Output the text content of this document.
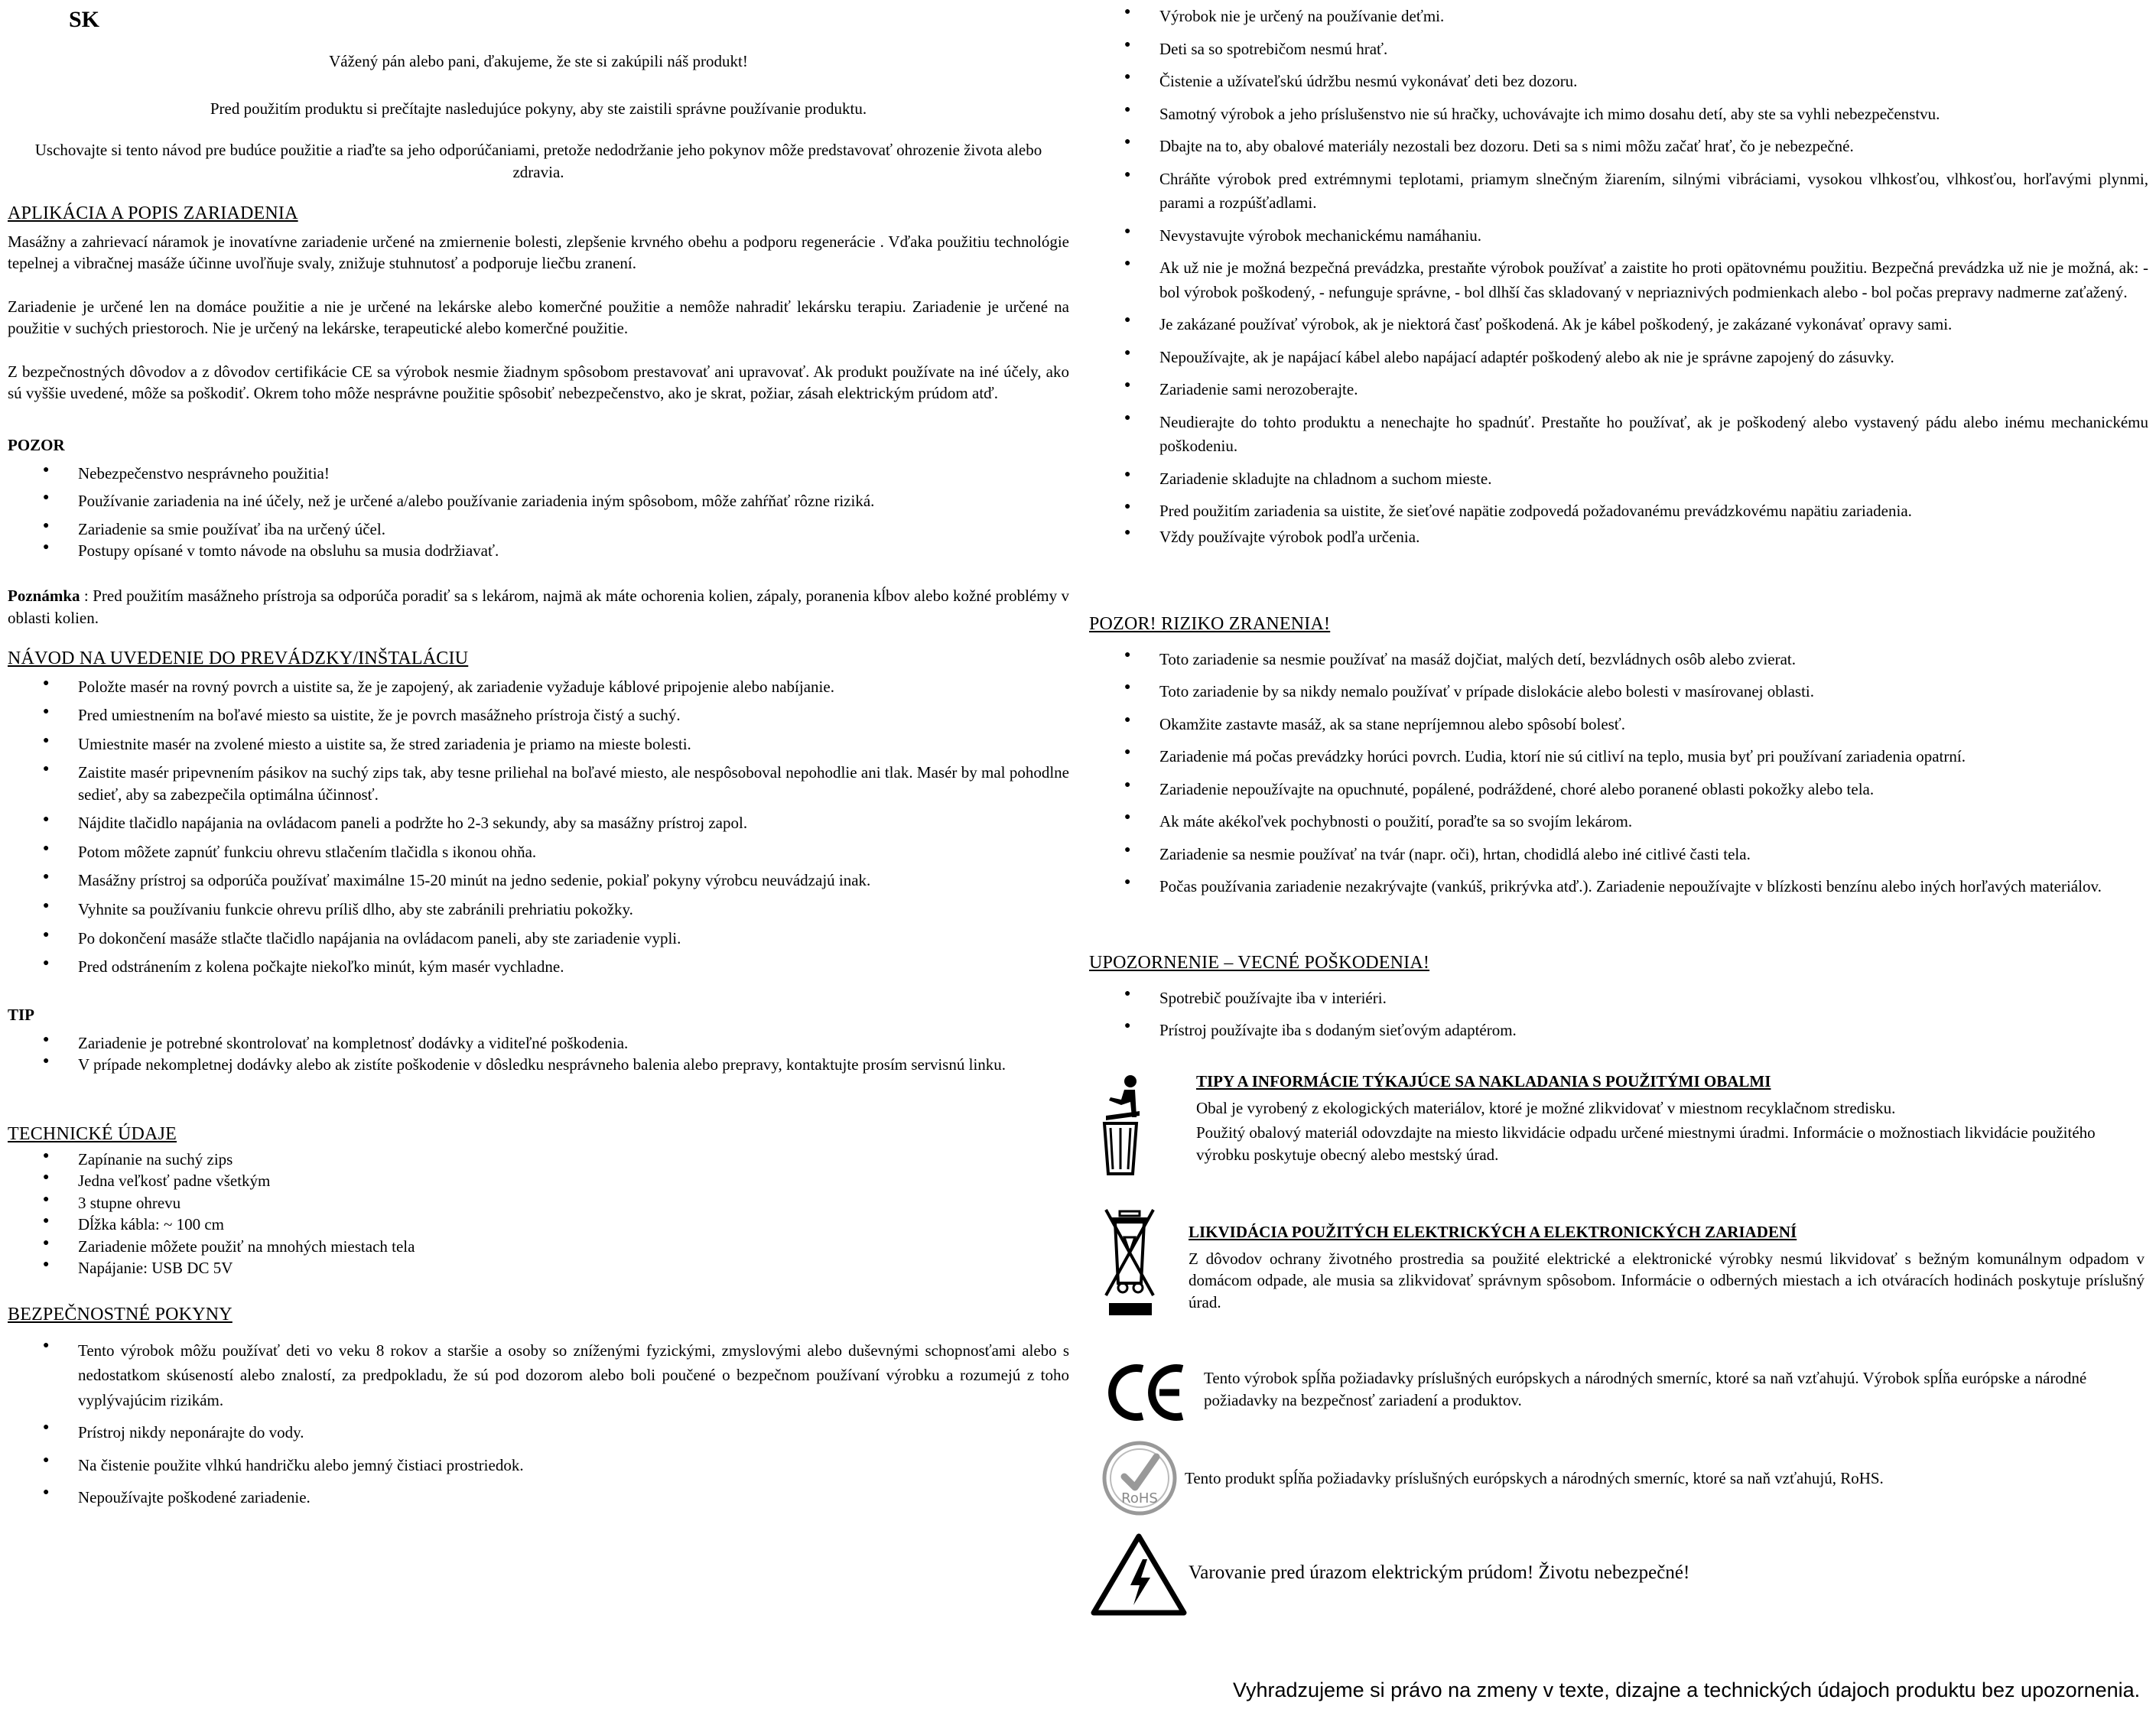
SK

Vážený pán alebo pani, ďakujeme, že ste si zakúpili náš produkt!

Pred použitím produktu si prečítajte nasledujúce pokyny, aby ste zaistili správne používanie produktu.

Uschovajte si tento návod pre budúce použitie a riaďte sa jeho odporúčaniami, pretože nedodržanie jeho pokynov môže predstavovať ohrozenie života alebo zdravia.

APLIKÁCIA A POPIS ZARIADENIA

Masážny a zahrievací náramok je inovatívne zariadenie určené na zmiernenie bolesti, zlepšenie krvného obehu a podporu regenerácie . Vďaka použitiu technológie tepelnej a vibračnej masáže účinne uvoľňuje svaly, znižuje stuhnutosť a podporuje liečbu zranení.

Zariadenie je určené len na domáce použitie a nie je určené na lekárske alebo komerčné použitie a nemôže nahradiť lekársku terapiu. Zariadenie je určené na použitie v suchých priestoroch. Nie je určený na lekárske, terapeutické alebo komerčné použitie.

Z bezpečnostných dôvodov a z dôvodov certifikácie CE sa výrobok nesmie žiadnym spôsobom prestavovať ani upravovať. Ak produkt používate na iné účely, ako sú vyššie uvedené, môže sa poškodiť. Okrem toho môže nesprávne použitie spôsobiť nebezpečenstvo, ako je skrat, požiar, zásah elektrickým prúdom atď.

POZOR
● Nebezpečenstvo nesprávneho použitia!
● Používanie zariadenia na iné účely, než je určené a/alebo používanie zariadenia iným spôsobom, môže zahŕňať rôzne riziká.
● Zariadenie sa smie používať iba na určený účel.
● Postupy opísané v tomto návode na obsluhu sa musia dodržiavať.

Poznámka : Pred použitím masážneho prístroja sa odporúča poradiť sa s lekárom, najmä ak máte ochorenia kolien, zápaly, poranenia kĺbov alebo kožné problémy v oblasti kolien.

NÁVOD NA UVEDENIE DO PREVÁDZKY/INŠTALÁCIU
● Položte masér na rovný povrch a uistite sa, že je zapojený, ak zariadenie vyžaduje káblové pripojenie alebo nabíjanie.
● Pred umiestnením na boľavé miesto sa uistite, že je povrch masážneho prístroja čistý a suchý.
● Umiestnite masér na zvolené miesto a uistite sa, že stred zariadenia je priamo na mieste bolesti.
● Zaistite masér pripevnením pásikov na suchý zips tak, aby tesne priliehal na boľavé miesto, ale nespôsoboval nepohodlie ani tlak. Masér by mal pohodlne sedieť, aby sa zabezpečila optimálna účinnosť.
● Nájdite tlačidlo napájania na ovládacom paneli a podržte ho 2-3 sekundy, aby sa masážny prístroj zapol.
● Potom môžete zapnúť funkciu ohrevu stlačením tlačidla s ikonou ohňa.
● Masážny prístroj sa odporúča používať maximálne 15-20 minút na jedno sedenie, pokiaľ pokyny výrobcu neuvádzajú inak.
● Vyhnite sa používaniu funkcie ohrevu príliš dlho, aby ste zabránili prehriatiu pokožky.
● Po dokončení masáže stlačte tlačidlo napájania na ovládacom paneli, aby ste zariadenie vypli.
● Pred odstránením z kolena počkajte niekoľko minút, kým masér vychladne.
TIP
● Zariadenie je potrebné skontrolovať na kompletnosť dodávky a viditeľné poškodenia.
● V prípade nekompletnej dodávky alebo ak zistíte poškodenie v dôsledku nesprávneho balenia alebo prepravy, kontaktujte prosím servisnú linku.
TECHNICKÉ ÚDAJE
● Zapínanie na suchý zips
● Jedna veľkosť padne všetkým
● 3 stupne ohrevu
● Dĺžka kábla: ~ 100 cm
● Zariadenie môžete použiť na mnohých miestach tela
● Napájanie: USB DC 5V
BEZPEČNOSTNÉ POKYNY
● Tento výrobok môžu používať deti vo veku 8 rokov a staršie a osoby so zníženými fyzickými, zmyslovými alebo duševnými schopnosťami alebo s nedostatkom skúseností alebo znalostí, za predpokladu, že sú pod dozorom alebo boli poučené o bezpečnom používaní výrobku a rozumejú z toho vyplývajúcim rizikám.
● Prístroj nikdy neponárajte do vody.
● Na čistenie použite vlhkú handričku alebo jemný čistiaci prostriedok.
● Nepoužívajte poškodené zariadenie.
● Výrobok nie je určený na používanie deťmi.
● Deti sa so spotrebičom nesmú hrať.
● Čistenie a užívateľskú údržbu nesmú vykonávať deti bez dozoru.
● Samotný výrobok a jeho príslušenstvo nie sú hračky, uchovávajte ich mimo dosahu detí, aby ste sa vyhli nebezpečenstvu.
● Dbajte na to, aby obalové materiály nezostali bez dozoru. Deti sa s nimi môžu začať hrať, čo je nebezpečné.
● Chráňte výrobok pred extrémnymi teplotami, priamym slnečným žiarením, silnými vibráciami, vysokou vlhkosťou, vlhkosťou, horľavými plynmi, parami a rozpúšťadlami.
● Nevystavujte výrobok mechanickému namáhaniu.
● Ak už nie je možná bezpečná prevádzka, prestaňte výrobok používať a zaistite ho proti opätovnému použitiu. Bezpečná prevádzka už nie je možná, ak: - bol výrobok poškodený, - nefunguje správne, - bol dlhší čas skladovaný v nepriaznivých podmienkach alebo - bol počas prepravy nadmerne zaťažený.
● Je zakázané používať výrobok, ak je niektorá časť poškodená. Ak je kábel poškodený, je zakázané vykonávať opravy sami.
● Nepoužívajte, ak je napájací kábel alebo napájací adaptér poškodený alebo ak nie je správne zapojený do zásuvky.
● Zariadenie sami nerozoberajte.
● Neudierajte do tohto produktu a nenechajte ho spadnúť. Prestaňte ho používať, ak je poškodený alebo vystavený pádu alebo inému mechanickému poškodeniu.
● Zariadenie skladujte na chladnom a suchom mieste.
● Pred použitím zariadenia sa uistite, že sieťové napätie zodpovedá požadovanému prevádzkovému napätiu zariadenia.
● Vždy používajte výrobok podľa určenia.
POZOR! RIZIKO ZRANENIA!
● Toto zariadenie sa nesmie používať na masáž dojčiat, malých detí, bezvládnych osôb alebo zvierat.
● Toto zariadenie by sa nikdy nemalo používať v prípade dislokácie alebo bolesti v masírovanej oblasti.
● Okamžite zastavte masáž, ak sa stane nepríjemnou alebo spôsobí bolesť.
● Zariadenie má počas prevádzky horúci povrch. Ľudia, ktorí nie sú citliví na teplo, musia byť pri používaní zariadenia opatrní.
● Zariadenie nepoužívajte na opuchnuté, popálené, podráždené, choré alebo poranené oblasti pokožky alebo tela.
● Ak máte akékoľvek pochybnosti o použití, poraďte sa so svojím lekárom.
● Zariadenie sa nesmie používať na tvár (napr. oči), hrtan, chodidlá alebo iné citlivé časti tela.
● Počas používania zariadenie nezakrývajte (vankúš, prikrývka atď.). Zariadenie nepoužívajte v blízkosti benzínu alebo iných horľavých materiálov.
UPOZORNENIE – VECNÉ POŠKODENIA!
● Spotrebič používajte iba v interiéri.
● Prístroj používajte iba s dodaným sieťovým adaptérom.
TIPY A INFORMÁCIE TÝKAJÚCE SA NAKLADANIA S POUŽITÝMI OBALMI

Obal je vyrobený z ekologických materiálov, ktoré je možné zlikvidovať v miestnom recyklačnom stredisku.

Použitý obalový materiál odovzdajte na miesto likvidácie odpadu určené miestnymi úradmi. Informácie o možnostiach likvidácie použitého výrobku poskytuje obecný alebo mestský úrad.

LIKVIDÁCIA POUŽITÝCH ELEKTRICKÝCH A ELEKTRONICKÝCH ZARIADENÍ

Z dôvodov ochrany životného prostredia sa použité elektrické a elektronické výrobky nesmú likvidovať s bežným komunálnym odpadom v domácom odpade, ale musia sa zlikvidovať správnym spôsobom. Informácie o odberných miestach a ich otváracích hodinách poskytuje príslušný úrad.

Tento výrobok spĺňa požiadavky príslušných európskych a národných smerníc, ktoré sa naň vzťahujú. Výrobok spĺňa európske a národné požiadavky na bezpečnosť zariadení a produktov.

RoHS

Tento produkt spĺňa požiadavky príslušných európskych a národných smerníc, ktoré sa naň vzťahujú, RoHS.

Varovanie pred úrazom elektrickým prúdom! Životu nebezpečné!

Vyhradzujeme si právo na zmeny v texte, dizajne a technických údajoch produktu bez upozornenia.
